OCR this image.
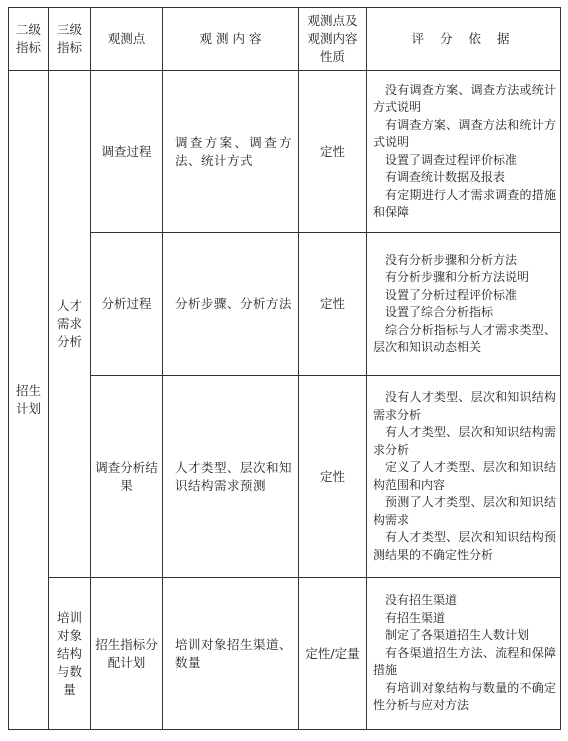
二级指标	三级指标	观测点	观 测 内 容	观测点及观测内容性质	评 分 依 据
招生计划	人才需求分析	调查过程	调查方案、调查方法、统计方式	定性	没有调查方案、调查方法或统计方式说明

有调查方案、调查方法和统计方式说明

设置了调查过程评价标准

有调查统计数据及报表

有定期进行人才需求调查的措施和保障

		分析过程	分析步骤、分析方法	定性	没有分析步骤和分析方法

有分析步骤和分析方法说明

设置了分析过程评价标准

设置了综合分析指标

综合分析指标与人才需求类型、层次和知识动态相关

		调查分析结果	人才类型、层次和知识结构需求预测	定性	没有人才类型、层次和知识结构需求分析

有人才类型、层次和知识结构需求分析

定义了人才类型、层次和知识结构范围和内容

预测了人才类型、层次和知识结构需求

有人才类型、层次和知识结构预测结果的不确定性分析

	培训对象结构与数量	招生指标分配计划	培训对象招生渠道、数量	定性/定量	没有招生渠道

有招生渠道

制定了各渠道招生人数计划

有各渠道招生方法、流程和保障措施

有培训对象结构与数量的不确定性分析与应对方法
